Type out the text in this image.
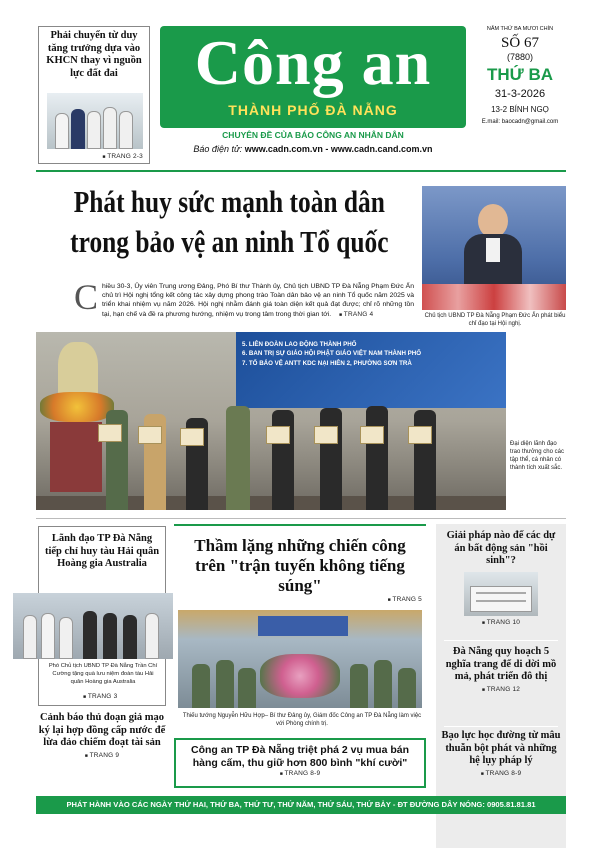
Phải chuyển từ duy tăng trưởng dựa vào KHCN thay vì nguồn lực đất đai
■ TRANG 2-3
Công an
THÀNH PHỐ ĐÀ NẴNG
CHUYÊN ĐỀ CỦA BÁO CÔNG AN NHÂN DÂN
Báo điện tử: www.cadn.com.vn - www.cadn.cand.com.vn
NĂM THỨ BA MƯƠI CHÍN
SỐ 67
(7880)
THỨ BA
31-3-2026
13-2 BÍNH NGỌ
E.mail: baocadn@gmail.com
Phát huy sức mạnh toàn dân
trong bảo vệ an ninh Tổ quốc
Chủ tịch UBND TP Đà Nẵng Phạm Đức Ấn phát biểu chỉ đạo tại Hội nghị.
C hiều 30-3, Ủy viên Trung ương Đảng, Phó Bí thư Thành ủy, Chủ tịch UBND TP Đà Nẵng Phạm Đức Ấn chủ trì Hội nghị tổng kết công tác xây dựng phong trào Toàn dân bảo vệ an ninh Tổ quốc năm 2025 và triển khai nhiệm vụ năm 2026. Hội nghị nhằm đánh giá toàn diện kết quả đạt được; chỉ rõ những tồn tại, hạn chế và đề ra phương hướng, nhiệm vụ trong tâm trong thời gian tới. ■ TRANG 4
5. LIÊN ĐOÀN LAO ĐỘNG THÀNH PHỐ
6. BAN TRỊ SỰ GIÁO HỘI PHẬT GIÁO VIỆT NAM THÀNH PHỐ
7. TỔ BẢO VỆ ANTT KDC NẠI HIÊN 2, PHƯỜNG SƠN TRÀ
Đại diện lãnh đạo trao thưởng cho các tập thể, cá nhân có thành tích xuất sắc.
Lãnh đạo TP Đà Nẵng tiếp chỉ huy tàu Hải quân Hoàng gia Australia
Phó Chủ tịch UBND TP Đà Nẵng Trần Chí Cường tặng quà lưu niệm đoàn tàu Hải quân Hoàng gia Australia
■ TRANG 3
Cảnh báo thủ đoạn giả mạo ký lại hợp đồng cấp nước để lừa đảo chiếm đoạt tài sản
■ TRANG 9
Thầm lặng những chiến công trên "trận tuyến không tiếng súng"
■ TRANG 5
Thiếu tướng Nguyễn Hữu Hợp– Bí thư Đảng ủy, Giám đốc Công an TP Đà Nẵng làm việc với Phòng chính trị.
Công an TP Đà Nẵng triệt phá 2 vụ mua bán hàng cấm, thu giữ hơn 800 bình "khí cười"
■ TRANG 8-9
Giải pháp nào để các dự án bất động sản "hồi sinh"?
■ TRANG 10
Đà Nẵng quy hoạch 5 nghĩa trang để di dời mồ mả, phát triển đô thị
■ TRANG 12
Bạo lực học đường từ mâu thuẫn bột phát và những hệ lụy pháp lý
■ TRANG 8-9
PHÁT HÀNH VÀO CÁC NGÀY THỨ HAI, THỨ BA, THỨ TƯ, THỨ NĂM, THỨ SÁU, THỨ BẢY - ĐT ĐƯỜNG DÂY NÓNG: 0905.81.81.81
